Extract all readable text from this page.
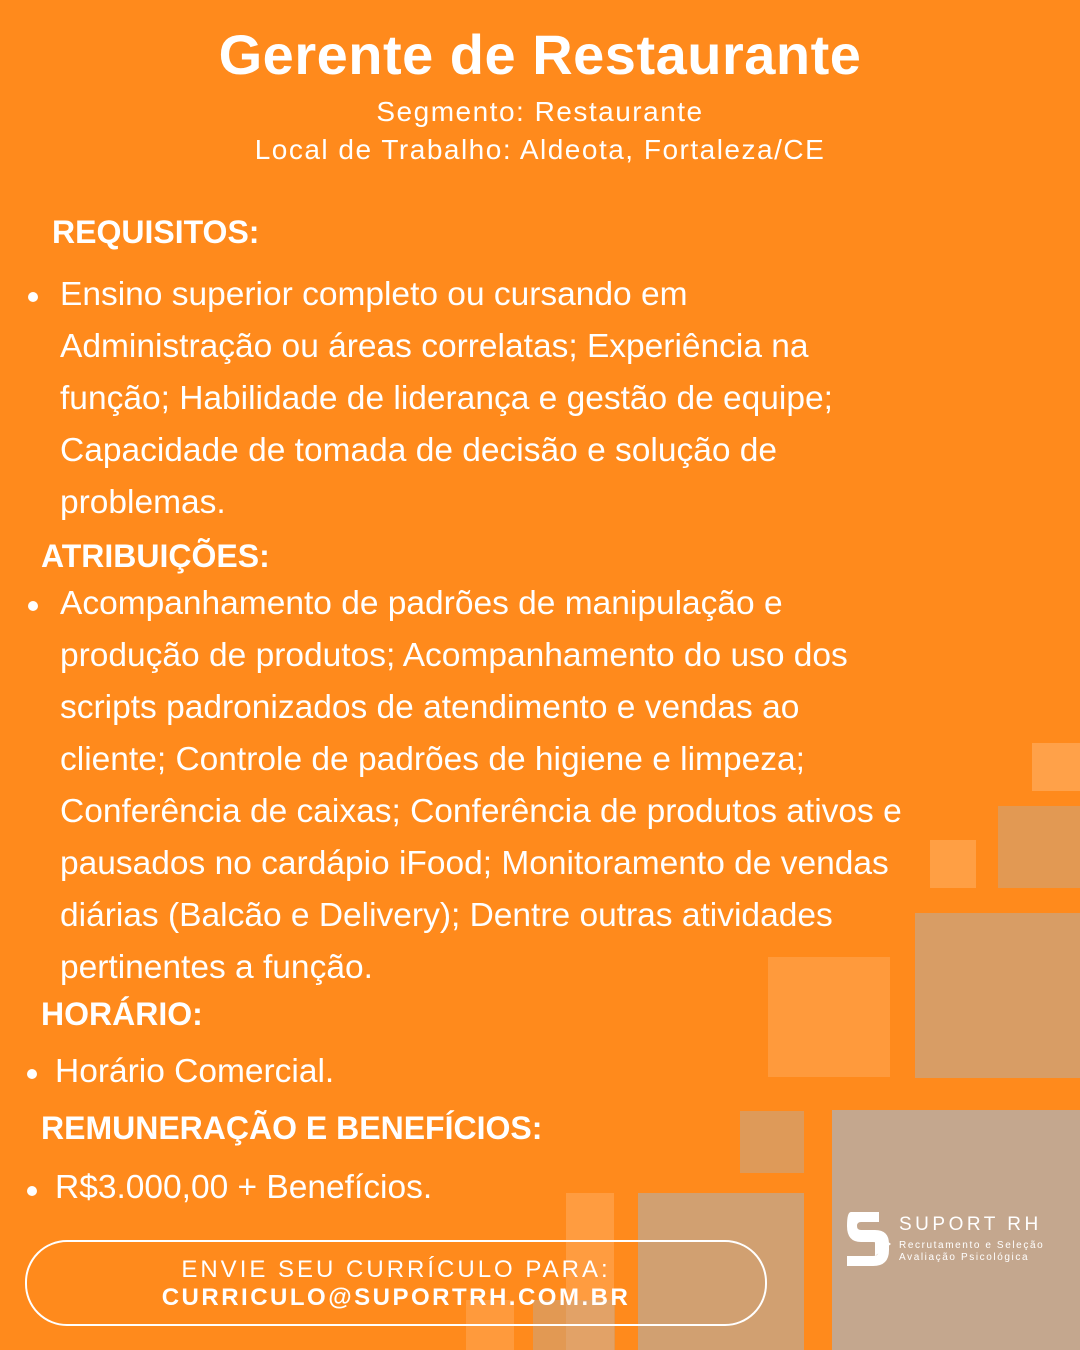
Gerente de Restaurante

Segmento: Restaurante

Local de Trabalho: Aldeota, Fortaleza/CE

REQUISITOS:
Ensino superior completo ou cursando em
Administração ou áreas correlatas; Experiência na
função; Habilidade de liderança e gestão de equipe;
Capacidade de tomada de decisão e solução de
problemas.
ATRIBUIÇÕES:
Acompanhamento de padrões de manipulação e
produção de produtos; Acompanhamento do uso dos
scripts padronizados de atendimento e vendas ao
cliente; Controle de padrões de higiene e limpeza;
Conferência de caixas; Conferência de produtos ativos e
pausados no cardápio iFood; Monitoramento de vendas
diárias (Balcão e Delivery); Dentre outras atividades
pertinentes a função.
HORÁRIO:
Horário Comercial.
REMUNERAÇÃO E BENEFÍCIOS:
R$3.000,00 + Benefícios.
ENVIE SEU CURRÍCULO PARA:
CURRICULO@SUPORTRH.COM.BR
SUPORT RH
Recrutamento e Seleção
Avaliação Psicológica
